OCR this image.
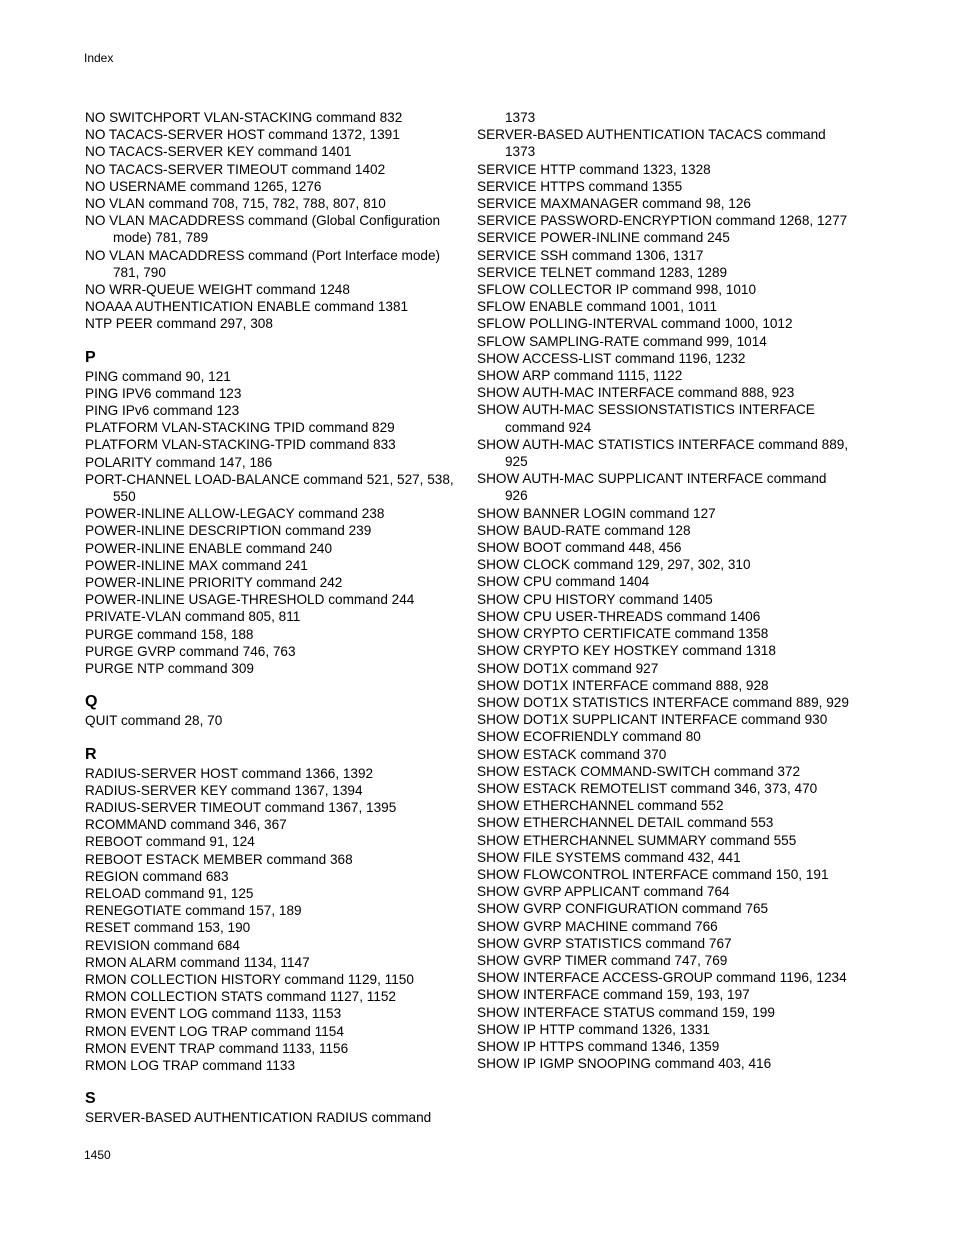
Index
NO SWITCHPORT VLAN-STACKING command 832
NO TACACS-SERVER HOST command 1372, 1391
NO TACACS-SERVER KEY command 1401
NO TACACS-SERVER TIMEOUT command 1402
NO USERNAME command 1265, 1276
NO VLAN command 708, 715, 782, 788, 807, 810
NO VLAN MACADDRESS command (Global Configuration mode) 781, 789
NO VLAN MACADDRESS command (Port Interface mode) 781, 790
NO WRR-QUEUE WEIGHT command 1248
NOAAA AUTHENTICATION ENABLE command 1381
NTP PEER command 297, 308
P
PING command 90, 121
PING IPV6 command 123
PING IPv6 command 123
PLATFORM VLAN-STACKING TPID command 829
PLATFORM VLAN-STACKING-TPID command 833
POLARITY command 147, 186
PORT-CHANNEL LOAD-BALANCE command 521, 527, 538, 550
POWER-INLINE ALLOW-LEGACY command 238
POWER-INLINE DESCRIPTION command 239
POWER-INLINE ENABLE command 240
POWER-INLINE MAX command 241
POWER-INLINE PRIORITY command 242
POWER-INLINE USAGE-THRESHOLD command 244
PRIVATE-VLAN command 805, 811
PURGE command 158, 188
PURGE GVRP command 746, 763
PURGE NTP command 309
Q
QUIT command 28, 70
R
RADIUS-SERVER HOST command 1366, 1392
RADIUS-SERVER KEY command 1367, 1394
RADIUS-SERVER TIMEOUT command 1367, 1395
RCOMMAND command 346, 367
REBOOT command 91, 124
REBOOT ESTACK MEMBER command 368
REGION command 683
RELOAD command 91, 125
RENEGOTIATE command 157, 189
RESET command 153, 190
REVISION command 684
RMON ALARM command 1134, 1147
RMON COLLECTION HISTORY command 1129, 1150
RMON COLLECTION STATS command 1127, 1152
RMON EVENT LOG command 1133, 1153
RMON EVENT LOG TRAP command 1154
RMON EVENT TRAP command 1133, 1156
RMON LOG TRAP command 1133
S
SERVER-BASED AUTHENTICATION RADIUS command
1373
SERVER-BASED AUTHENTICATION TACACS command 1373
SERVICE HTTP command 1323, 1328
SERVICE HTTPS command 1355
SERVICE MAXMANAGER command 98, 126
SERVICE PASSWORD-ENCRYPTION command 1268, 1277
SERVICE POWER-INLINE command 245
SERVICE SSH command 1306, 1317
SERVICE TELNET command 1283, 1289
SFLOW COLLECTOR IP command 998, 1010
SFLOW ENABLE command 1001, 1011
SFLOW POLLING-INTERVAL command 1000, 1012
SFLOW SAMPLING-RATE command 999, 1014
SHOW ACCESS-LIST command 1196, 1232
SHOW ARP command 1115, 1122
SHOW AUTH-MAC INTERFACE command 888, 923
SHOW AUTH-MAC SESSIONSTATISTICS INTERFACE command 924
SHOW AUTH-MAC STATISTICS INTERFACE command 889, 925
SHOW AUTH-MAC SUPPLICANT INTERFACE command 926
SHOW BANNER LOGIN command 127
SHOW BAUD-RATE command 128
SHOW BOOT command 448, 456
SHOW CLOCK command 129, 297, 302, 310
SHOW CPU command 1404
SHOW CPU HISTORY command 1405
SHOW CPU USER-THREADS command 1406
SHOW CRYPTO CERTIFICATE command 1358
SHOW CRYPTO KEY HOSTKEY command 1318
SHOW DOT1X command 927
SHOW DOT1X INTERFACE command 888, 928
SHOW DOT1X STATISTICS INTERFACE command 889, 929
SHOW DOT1X SUPPLICANT INTERFACE command 930
SHOW ECOFRIENDLY command 80
SHOW ESTACK command 370
SHOW ESTACK COMMAND-SWITCH command 372
SHOW ESTACK REMOTELIST command 346, 373, 470
SHOW ETHERCHANNEL command 552
SHOW ETHERCHANNEL DETAIL command 553
SHOW ETHERCHANNEL SUMMARY command 555
SHOW FILE SYSTEMS command 432, 441
SHOW FLOWCONTROL INTERFACE command 150, 191
SHOW GVRP APPLICANT command 764
SHOW GVRP CONFIGURATION command 765
SHOW GVRP MACHINE command 766
SHOW GVRP STATISTICS command 767
SHOW GVRP TIMER command 747, 769
SHOW INTERFACE ACCESS-GROUP command 1196, 1234
SHOW INTERFACE command 159, 193, 197
SHOW INTERFACE STATUS command 159, 199
SHOW IP HTTP command 1326, 1331
SHOW IP HTTPS command 1346, 1359
SHOW IP IGMP SNOOPING command 403, 416
1450
